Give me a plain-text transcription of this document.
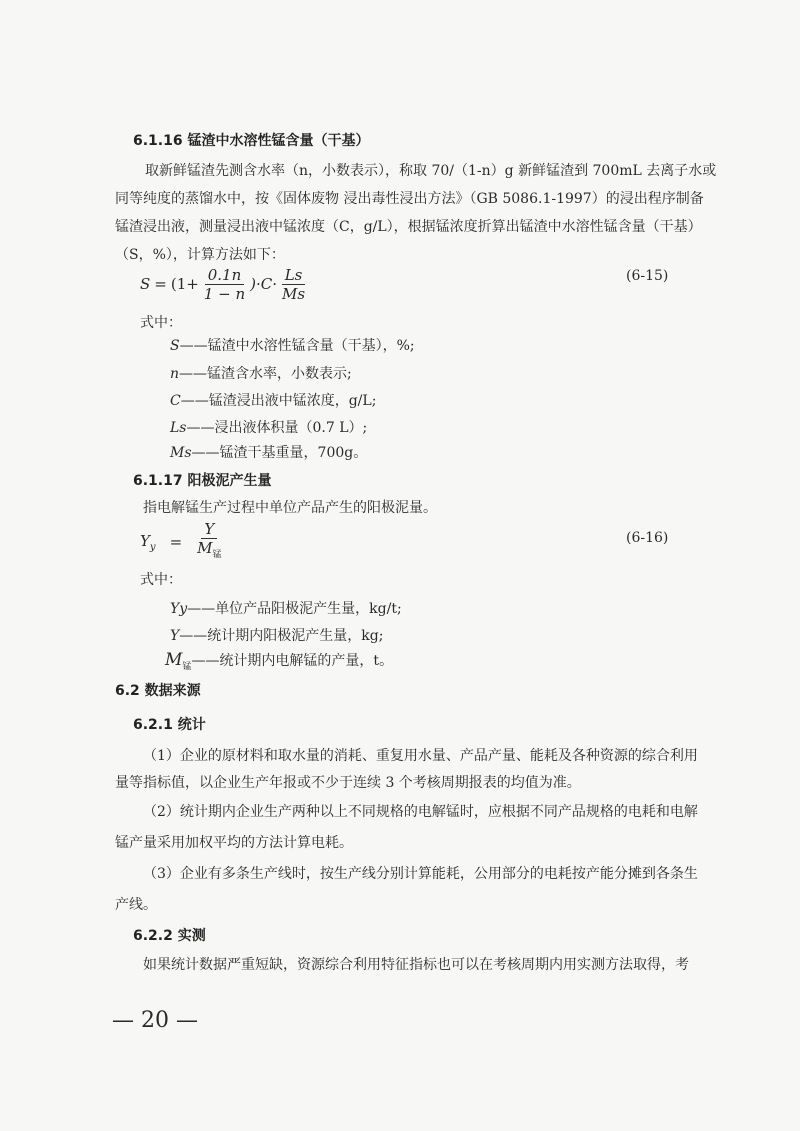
6.1.16 锰渣中水溶性锰含量（干基）
取新鲜锰渣先测含水率（n，小数表示），称取 70/（1-n）g 新鲜锰渣到 700mL 去离子水或
同等纯度的蒸馏水中，按《固体废物 浸出毒性浸出方法》（GB 5086.1-1997）的浸出程序制备
锰渣浸出液，测量浸出液中锰浓度（C，g/L），根据锰浓度折算出锰渣中水溶性锰含量（干基）
（S，%），计算方法如下：
$S = (1+ \frac{0.1n}{1 - n} )\cdot C\cdot \frac{Ls}{Ms}$	(6-15)
式中：
S——锰渣中水溶性锰含量（干基），%;
n——锰渣含水率，小数表示;
C——锰渣浸出液中锰浓度，g/L;
Ls——浸出液体积量（0.7 L）;
Ms——锰渣干基重量，700g。
6.1.17 阳极泥产生量
指电解锰生产过程中单位产品产生的阳极泥量。
$Y_y = \frac{Y}{M_锰}$	(6-16)
式中：
Yy——单位产品阳极泥产生量，kg/t;
Y——统计期内阳极泥产生量，kg;
$M_锰——$统计期内电解锰的产量，t。
6.2 数据来源
6.2.1 统计
（1）企业的原材料和取水量的消耗、重复用水量、产品产量、能耗及各种资源的综合利用
量等指标值，以企业生产年报或不少于连续 3 个考核周期报表的均值为准。
（2）统计期内企业生产两种以上不同规格的电解锰时，应根据不同产品规格的电耗和电解
锰产量采用加权平均的方法计算电耗。
（3）企业有多条生产线时，按生产线分别计算能耗，公用部分的电耗按产能分摊到各条生
产线。
6.2.2 实测
如果统计数据严重短缺，资源综合利用特征指标也可以在考核周期内用实测方法取得，考
— 20 —
